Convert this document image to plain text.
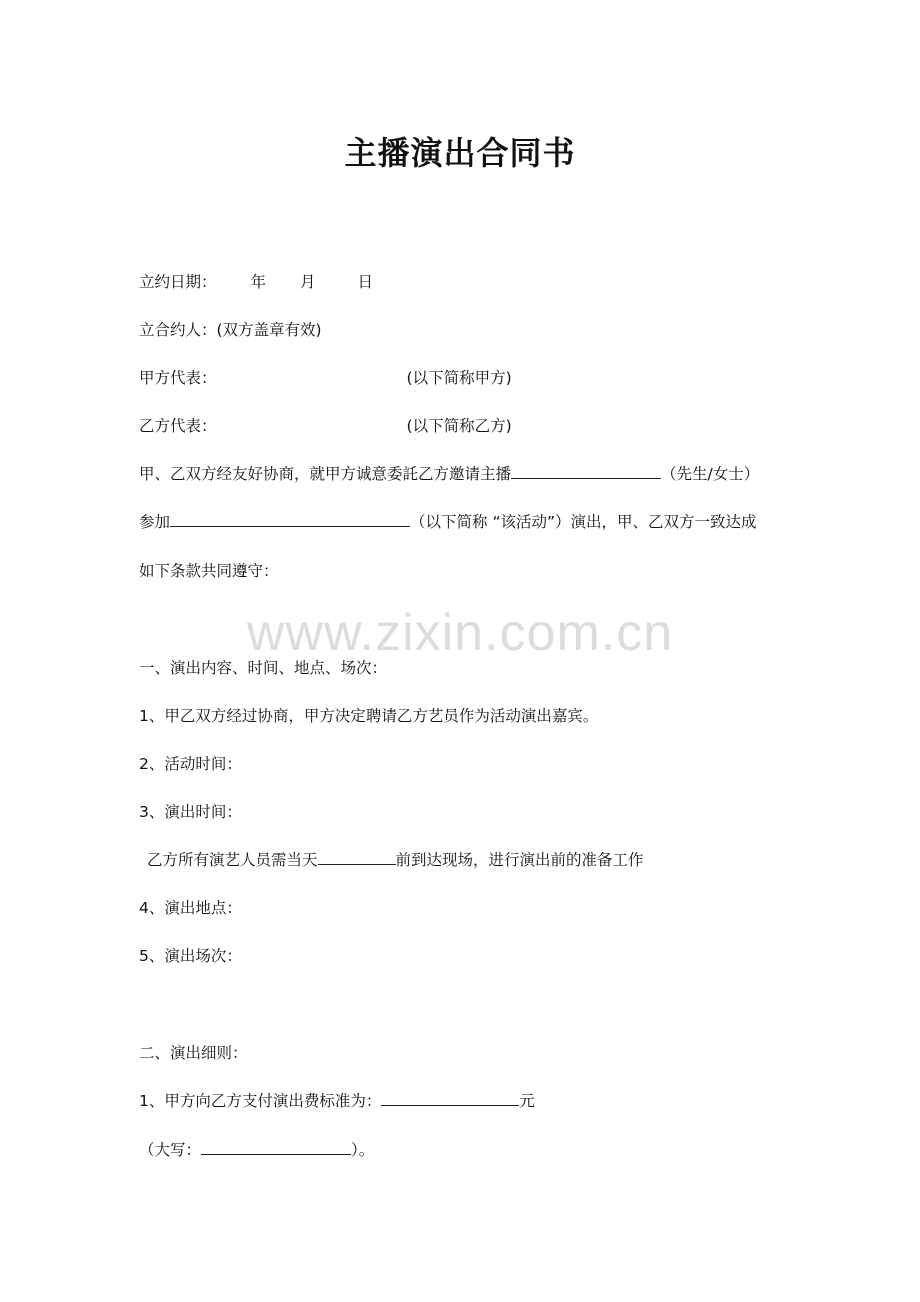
主播演出合同书
立约日期： 年 月	日
立合约人：(双方盖章有效)
甲方代表：	(以下简称甲方)
乙方代表：	(以下简称乙方)
甲、乙双方经友好协商，就甲方诚意委託乙方邀请主播	（先生/女士）
参加	（以下简称 “该活动”）演出，甲、乙双方一致达成
如下条款共同遵守：
www.zixin.com.cn
一、演出内容、时间、地点、场次：
1、甲乙双方经过协商，甲方决定聘请乙方艺员作为活动演出嘉宾。
2、活动时间：
3、演出时间：
乙方所有演艺人员需当天	前到达现场，进行演出前的准备工作
4、演出地点：
5、演出场次：
二、演出细则：
1、甲方向乙方支付演出费标准为：	元
（大写：	）。
